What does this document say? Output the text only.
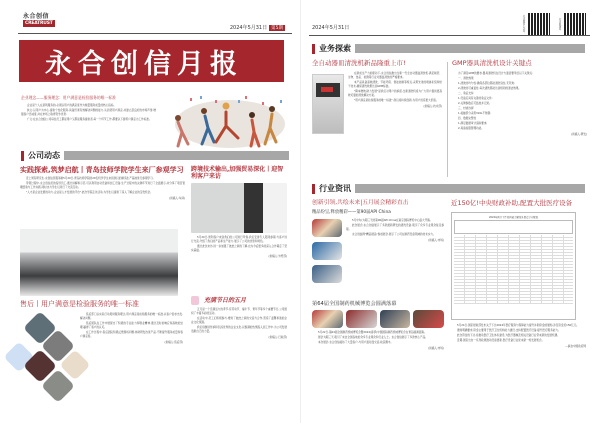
永合创信
CREATRUST
2024年5月31日 第5期
永合创信月报
企业理念——服务理念：用户满意是检验服务的唯一标准

企业是个人在是利服务的,必须以用户的满意度作为衡量服务质量的核心指标。

狭义:以用户为中心,提供个性化服务,具备迅速有效解决问题的能力,从而使用户满意,并建立起良好的市场声誉,增强客户忠诚度,并在市场上取得竞争优势;

广义:在永合创信公司每位员工都是用户又都是服务提供者,每一个环节工作,都要以下游用户满意为工作标准。

公司动态
实践探索,筑梦启航丨青岛技师学院学生来厂参观学习

近上周有研究生,永创信员服务制5月20日,青岛技师学院的20名机学学生来到我们的制造生产基地进行参观学习。

带领过程中,永合创信员的指导员工,通过讲解和示范,可以利用自动设备和加工设备,生产过程中的关键环节进行了全面展示,并分享了项目管理经验与工作实践,同时也与学生们进行了交流互动。

"人才是企业发展的动力,企业是人才发展的平台",此次学院走访活动,为学生们提供了深入了解企业的宝贵机会。

(供稿人:车间)
跨境技术输出,加强贸易深化丨迎智利客户来访

5月20日,智利客户来到我们的公司进行考察,我们安排专人陪同参观,与客户进行交流,介绍了我们的产品和生产能力,展示了公司的优势和特色。

通过此次来访,进一步加强了彼此之间的了解,也为今后更多的深入合作奠定了坚实基础。

(供稿人:外贸部)
售后丨用户满意是检验服务的唯一标准

售后部门以实际行动贯彻服务理念,用户满意是检验服务的唯一标准,从客户需求出发,解决问题。

售后团队在工作中展现出了积极的专业能力和敬业精神,通过及时的响应和高效的处理,赢得了客户的认可。

在工作过程中,售后团队积极反馈现场问题,协助研发改进产品,不断提升服务质量和客户满意度。

(供稿人:售后部)
充满节日的五月

五月是一个充满活力的季节,有劳动节、端午节、青年节等多个重要节日,公司组织了丰富多彩的活动。

在活动中,员工们积极参与,增进了彼此之间的交流与合作,营造了温馨和谐的企业文化氛围。

我们将继续传承和弘扬优秀的企业文化,以饱满的热情投入到工作中,为公司发展贡献自己的力量。

(供稿人:行政部)
2024年5月31日	关注微信公众号	关注视频号
业务探索
全自动器皿清洗机新品隆重上市!

在新质生产力的驱动下,永合创信推出全新一代全自动器皿清洗机,满足制药、生物、食品、检测等行业对器皿清洗的严格要求。

本产品具备高效清洗、节能环保、智能控制等特点,采用先进的喷淋系统和烘干技术,确保清洗效果达到GMP标准。

"降本增效,助力发展"是我们对用户的承诺,全新清洗机将为广大用户提供更高效可靠的清洗解决方案。

"用户满意是检验服务的唯一标准",我们将持续创新,为用户创造更大价值。

(供稿人:技术部)
GMP器具清洗机设计关键点

为了满足GMP的要求,器具清洗机在设计方面需要考虑以下关键点:

一、清洗效果

1.清洗的均匀性:确保各部位都能清洗到位,无死角;

2.清洗的可重复性:每次清洗都能达到相同的清洁效果。

二、验证支持

1.设备应具有完善的验证文件;

2.关键参数应可监控并记录。

三、材质选择

1.接触部分采用316L不锈钢;

四、数据完整性

1.满足数据审计追踪要求;

2.具备权限管理功能。

(供稿人:研发)
行业资讯
创新引领,共绘未来|五月展会精彩直击
精品纷呈,释放精彩——第90届API China

5月中旬,为期三天的第90届API China在南京国际博览中心盛大开幕。

此次展会,永合创信展示了多款最新研发的清洗设备,吸引了众多专业观众驻足参观。

永合创信携"精品展品"参加展会,展示了公司在制药设备领域的技术实力。

(供稿人:市场)
第64届全国制药机械博览会圆满落幕

5月22日,第64届全国制药机械博览会暨2024(春季)中国国际制药机械博览会在青岛圆满落幕。

展会为期三天,吸引了来自全国各地的众多专业观众和行业人士。永合创信展示了多款核心产品。

本次展会,永合创信接待了大量客户,与用户面对面交流,收获颇丰。

(供稿人:市场)
近150亿!中央财政补助,配置大批医疗设备
2024年医疗卫生机构能力建设补助资金分配表

5月24日,国家财政部发布关于下达2024年医疗服务与保障能力提升补助资金的通知,涉及资金近150亿元。

通知明确要求,资金主要用于医疗卫生机构能力建设,支持配置医疗设备,提升医疗服务能力。

此次资金的下达,将推动医疗卫生体系建设,为医疗器械及相关设备行业带来新的发展机遇。

近期,国家出台一系列政策推动设备更新,医疗设备行业迎来新一轮发展机会。

—摘自中国政府网
